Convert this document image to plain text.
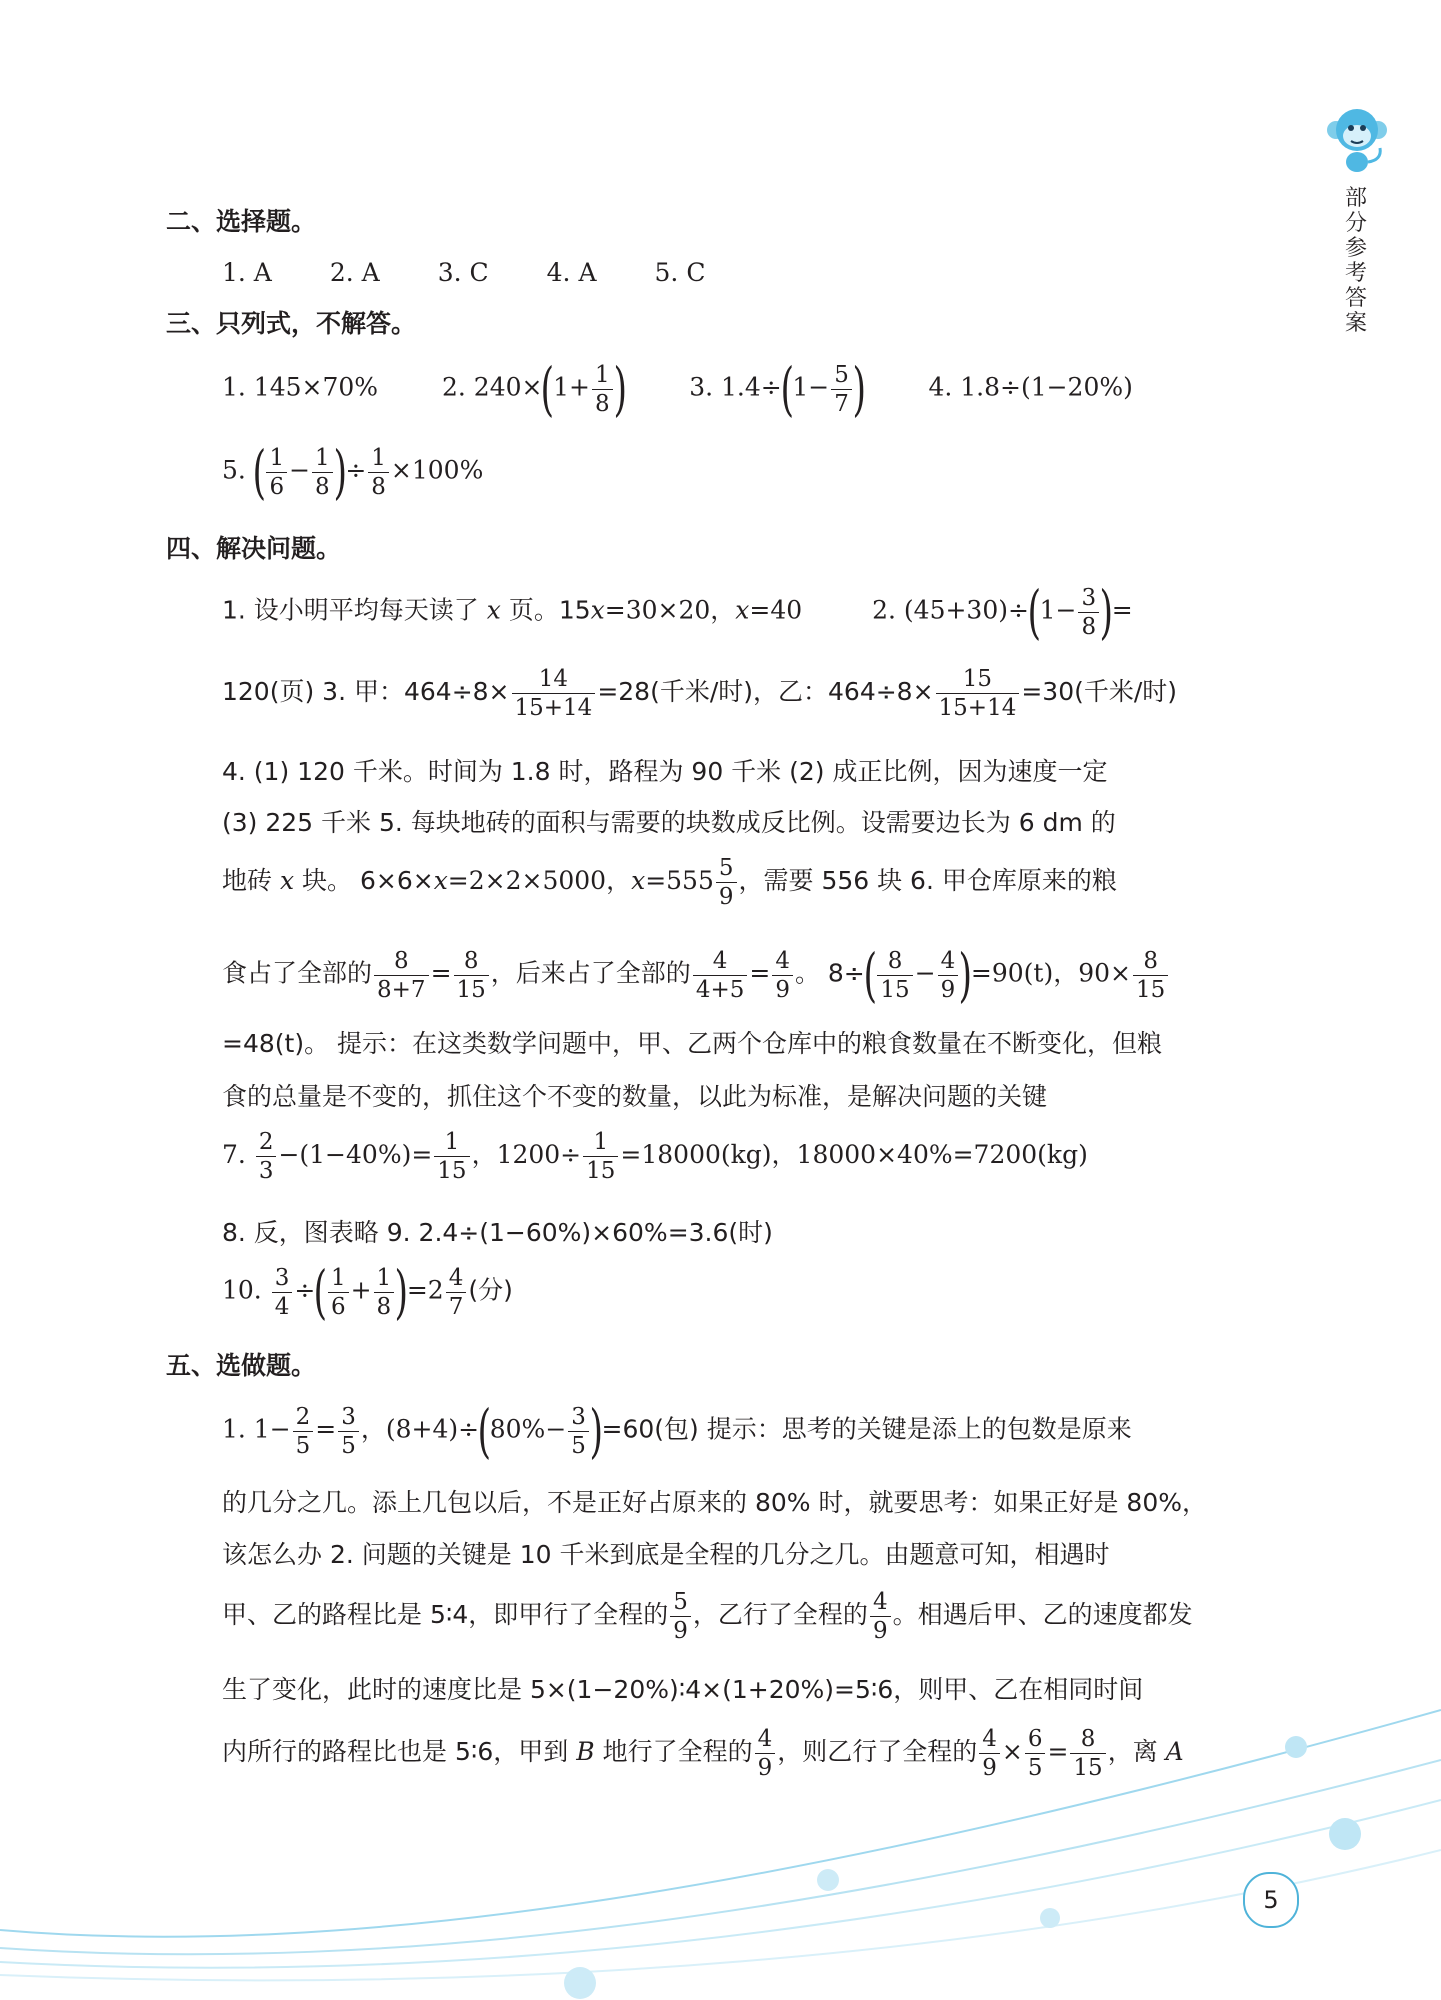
部分参考答案
二、选择题。
1. A 2. A 3. C 4. A 5. C
三、只列式，不解答。
1. 145×70%	2. $240\times(1+ \frac{1}{8}$ ) 3. $1.4\div(1- \frac{5}{7}$ ) 4. 1.8÷(1−20%)
5. ( $\frac{1}{6} - \frac{1}{8}$ )÷ $\frac{1}{8} \times 100\%$
四、解决问题。
1. 设小明平均每天读了 x 页。15x=30×20，x=40	2. $(45+30)\div(1- \frac{3}{8}$ )=
120(页) 3. 甲：$464\div 8\times \frac{14}{15+14} =28$(千米/时)，乙：$464\div 8\times \frac{15}{15+14} =30$(千米/时)
4. (1) 120 千米。时间为 1.8 时，路程为 90 千米 (2) 成正比例，因为速度一定
(3) 225 千米 5. 每块地砖的面积与需要的块数成反比例。设需要边长为 6 dm 的
地砖 x 块。 6×6×x=2×2×5000，$x=555 \frac{5}{9}$ ，需要 556 块 6. 甲仓库原来的粮
食占了全部的 $\frac{8}{8+7} = \frac{8}{15}$ ，后来占了全部的 $\frac{4}{4+5} = \frac{4}{9}$ 。 $8\div( \frac{8}{15} - \frac{4}{9} )=90(t)$，$90\times \frac{8}{15}$
=48(t)。 提示：在这类数学问题中，甲、乙两个仓库中的粮食数量在不断变化，但粮
食的总量是不变的，抓住这个不变的数量，以此为标准，是解决问题的关键
7. $\frac{2}{3} -(1-40\%)= \frac{1}{15}$ ，$1200\div \frac{1}{15} =18000(kg)$，18000×40%=7200(kg)
8. 反，图表略 9. 2.4÷(1−60%)×60%=3.6(时)
10. $\frac{3}{4}$ ÷( $\frac{1}{6} + \frac{1}{8} )=2 \frac{4}{7}$ (分)
五、选做题。
1. $1- \frac{2}{5} = \frac{3}{5}$ ，$(8+4)\div(80\%- \frac{3}{5} )=60$(包) 提示：思考的关键是添上的包数是原来
的几分之几。添上几包以后，不是正好占原来的 80% 时，就要思考：如果正好是 80%，
该怎么办 2. 问题的关键是 10 千米到底是全程的几分之几。由题意可知，相遇时
甲、乙的路程比是 5∶4，即甲行了全程的 $\frac{5}{9}$ ，乙行了全程的 $\frac{4}{9}$ 。相遇后甲、乙的速度都发
生了变化，此时的速度比是 5×(1−20%)∶4×(1+20%)=5∶6，则甲、乙在相同时间
内所行的路程比也是 5∶6，甲到 B 地行了全程的 $\frac{4}{9}$ ，则乙行了全程的 $\frac{4}{9} \times \frac{6}{5} = \frac{8}{15}$ ，离 A
5
